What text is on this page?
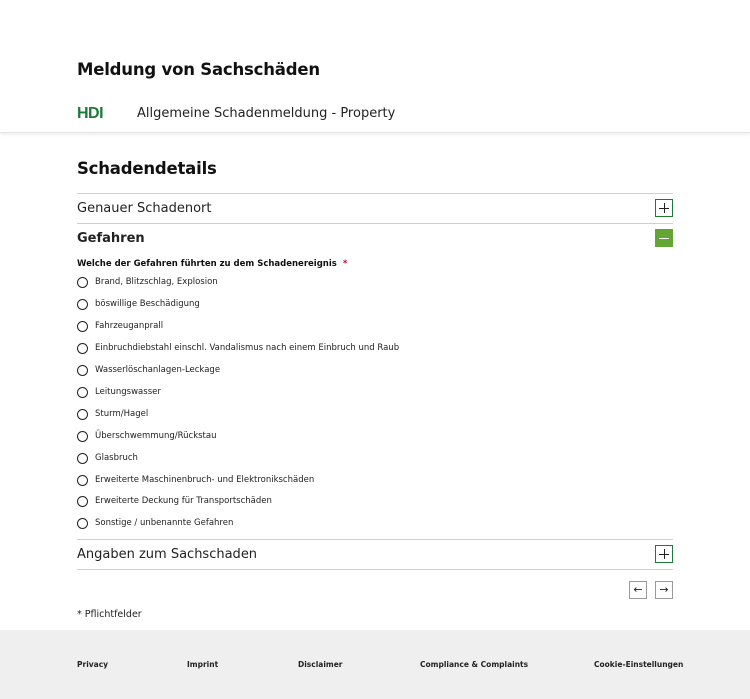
Meldung von Sachschäden
HDI	Allgemeine Schadenmeldung - Property
Schadendetails
Genauer Schadenort
Gefahren
Welche der Gefahren führten zu dem Schadenereignis *
Brand, Blitzschlag, Explosion
böswillige Beschädigung
Fahrzeuganprall
Einbruchdiebstahl einschl. Vandalismus nach einem Einbruch und Raub
Wasserlöschanlagen-Leckage
Leitungswasser
Sturm/Hagel
Überschwemmung/Rückstau
Glasbruch
Erweiterte Maschinenbruch- und Elektronikschäden
Erweiterte Deckung für Transportschäden
Sonstige / unbenannte Gefahren
Angaben zum Sachschaden
←	→
* Pflichtfelder
Privacy	Imprint	Disclaimer	Compliance & Complaints	Cookie-Einstellungen
